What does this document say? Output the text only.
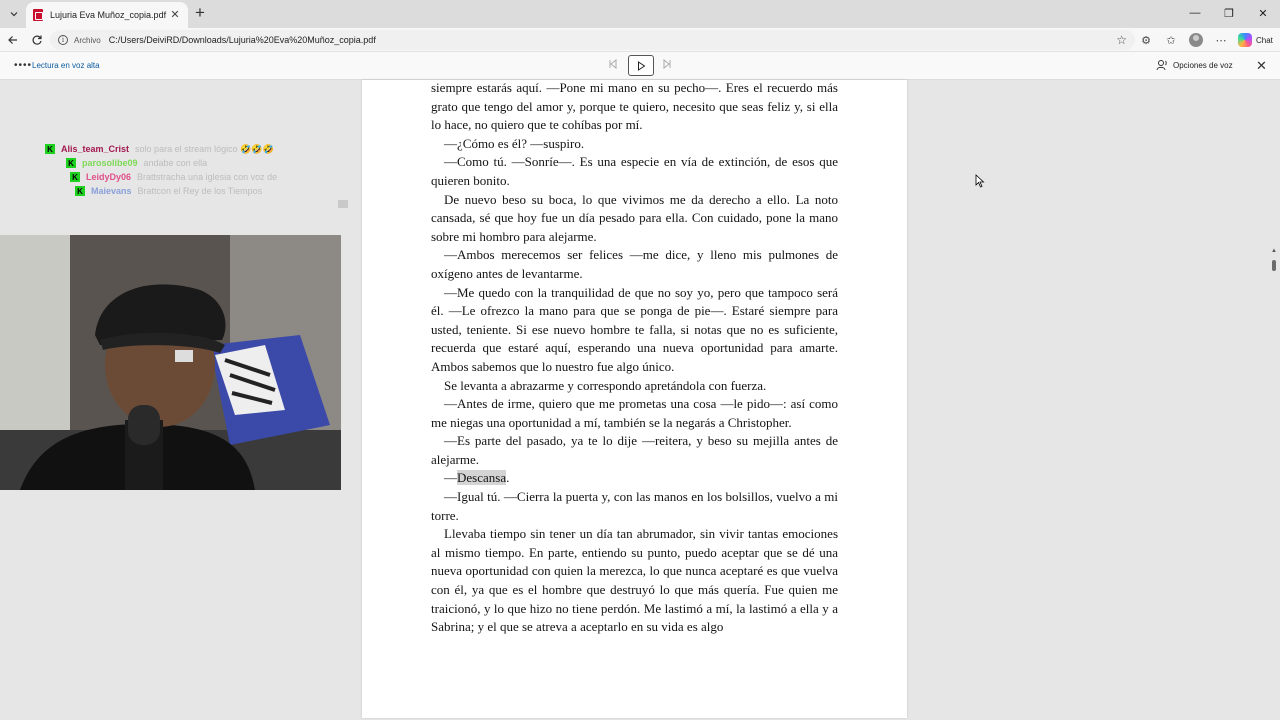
Lujuria Eva Muñoz_copia.pdf ✕ +	—	❐	✕
i	Archivo C:/Users/DeiviRD/Downloads/Lujuria%20Eva%20Muñoz_copia.pdf	☆ ⚙	✩	⋯	Chat
•••• Lectura en voz alta	Opciones de voz ✕

siempre estarás aquí. —Pone mi mano en su pecho—. Eres el recuerdo más grato que tengo del amor y, porque te quiero, necesito que seas feliz y, si ella lo hace, no quiero que te cohíbas por mí.

—¿Cómo es él? —suspiro.

—Como tú. —Sonríe—. Es una especie en vía de extinción, de esos que quieren bonito.

De nuevo beso su boca, lo que vivimos me da derecho a ello. La noto cansada, sé que hoy fue un día pesado para ella. Con cuidado, pone la mano sobre mi hombro para alejarme.

—Ambos merecemos ser felices —me dice, y lleno mis pulmones de oxígeno antes de levantarme.

—Me quedo con la tranquilidad de que no soy yo, pero que tampoco será él. —Le ofrezco la mano para que se ponga de pie—. Estaré siempre para usted, teniente. Si ese nuevo hombre te falla, si notas que no es suficiente, recuerda que estaré aquí, esperando una nueva oportunidad para amarte. Ambos sabemos que lo nuestro fue algo único.

Se levanta a abrazarme y correspondo apretándola con fuerza.

—Antes de irme, quiero que me prometas una cosa —le pido—: así como me niegas una oportunidad a mí, también se la negarás a Christopher.

—Es parte del pasado, ya te lo dije —reitera, y beso su mejilla antes de alejarme.

—Descansa.

—Igual tú. —Cierra la puerta y, con las manos en los bolsillos, vuelvo a mi torre.

Llevaba tiempo sin tener un día tan abrumador, sin vivir tantas emociones al mismo tiempo. En parte, entiendo su punto, puedo aceptar que se dé una nueva oportunidad con quien la merezca, lo que nunca aceptaré es que vuelva con él, ya que es el hombre que destruyó lo que más quería. Fue quien me traicionó, y lo que hizo no tiene perdón. Me lastimó a mí, la lastimó a ella y a Sabrina; y el que se atreva a aceptarlo en su vida es algo

▲
K Alis_team_Crist solo para el stream lógico 🤣🤣🤣
K parosolibe09 andabe con ella
K LeidyDy06 Brattstracha una iglesia con voz de
K Maievans Brattcon el Rey de los Tiempos
